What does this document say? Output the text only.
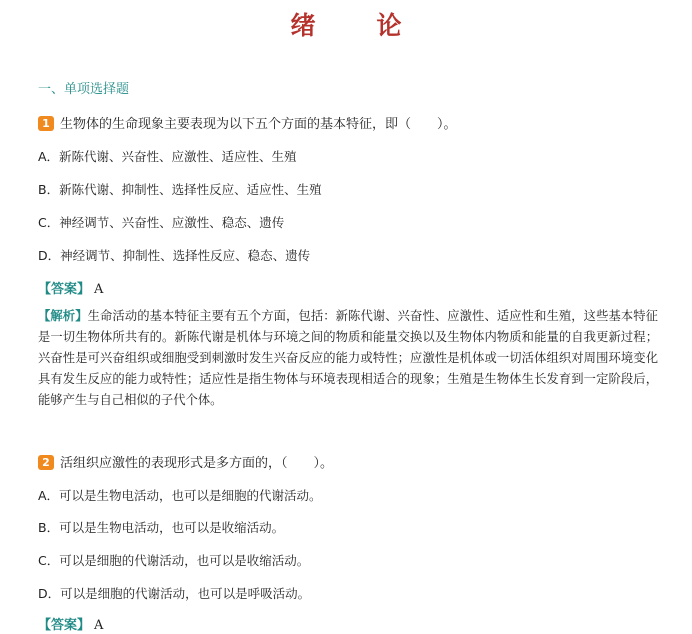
绪　论
一、单项选择题
1 生物体的生命现象主要表现为以下五个方面的基本特征，即（　　）。
A．新陈代谢、兴奋性、应激性、适应性、生殖
B．新陈代谢、抑制性、选择性反应、适应性、生殖
C．神经调节、兴奋性、应激性、稳态、遗传
D．神经调节、抑制性、选择性反应、稳态、遗传
【答案】 A
【解析】生命活动的基本特征主要有五个方面，包括：新陈代谢、兴奋性、应激性、适应性和生殖，这些基本特征是一切生物体所共有的。新陈代谢是机体与环境之间的物质和能量交换以及生物体内物质和能量的自我更新过程；兴奋性是可兴奋组织或细胞受到刺激时发生兴奋反应的能力或特性；应激性是机体或一切活体组织对周围环境变化具有发生反应的能力或特性；适应性是指生物体与环境表现相适合的现象；生殖是生物体生长发育到一定阶段后，能够产生与自己相似的子代个体。
2 活组织应激性的表现形式是多方面的，（　　）。
A．可以是生物电活动，也可以是细胞的代谢活动。
B．可以是生物电活动，也可以是收缩活动。
C．可以是细胞的代谢活动，也可以是收缩活动。
D．可以是细胞的代谢活动，也可以是呼吸活动。
【答案】 A
